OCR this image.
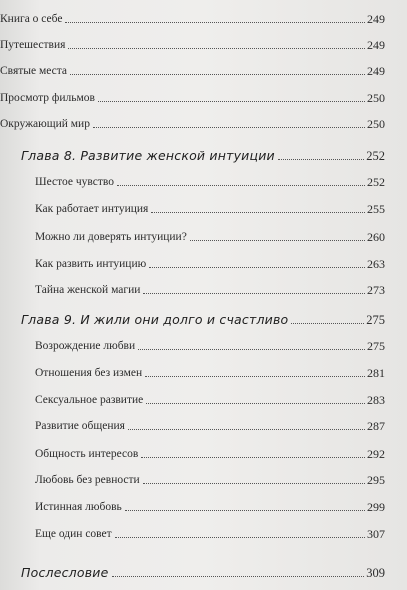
Книга о себе	249
Путешествия	249
Святые места	249
Просмотр фильмов	250
Окружающий мир	250
Глава 8. Развитие женской интуиции	252
Шестое чувство	252
Как работает интуиция	255
Можно ли доверять интуиции?	260
Как развить интуицию	263
Тайна женской магии	273
Глава 9. И жили они долго и счастливо	275
Возрождение любви	275
Отношения без измен	281
Сексуальное развитие	283
Развитие общения	287
Общность интересов	292
Любовь без ревности	295
Истинная любовь	299
Еще один совет	307
Послесловие	309
